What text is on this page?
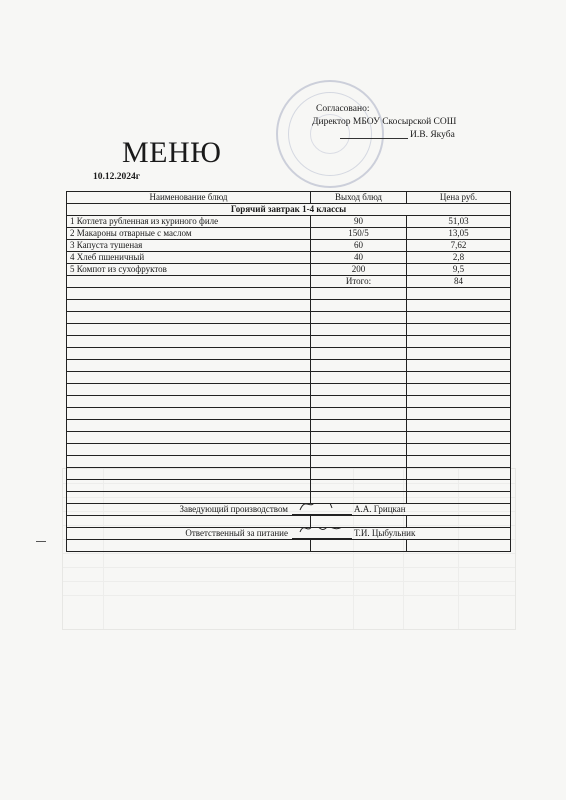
Согласовано:
Директор МБОУ Скосырской СОШ
И.В. Якуба
МЕНЮ
10.12.2024г
Наименование блюд	Выход блюд	Цена руб.
Горячий завтрак 1-4 классы		
1 Котлета рубленная из куриного филе	90	51,03
2 Макароны отварные с маслом	150/5	13,05
3 Капуста тушеная	60	7,62
4 Хлеб пшеничный	40	2,8
5 Компот из сухофруктов	200	9,5
	Итого:	84

Заведующий производством А.А. Грицкан		

Ответственный за питание Т.И. Цыбульник		
